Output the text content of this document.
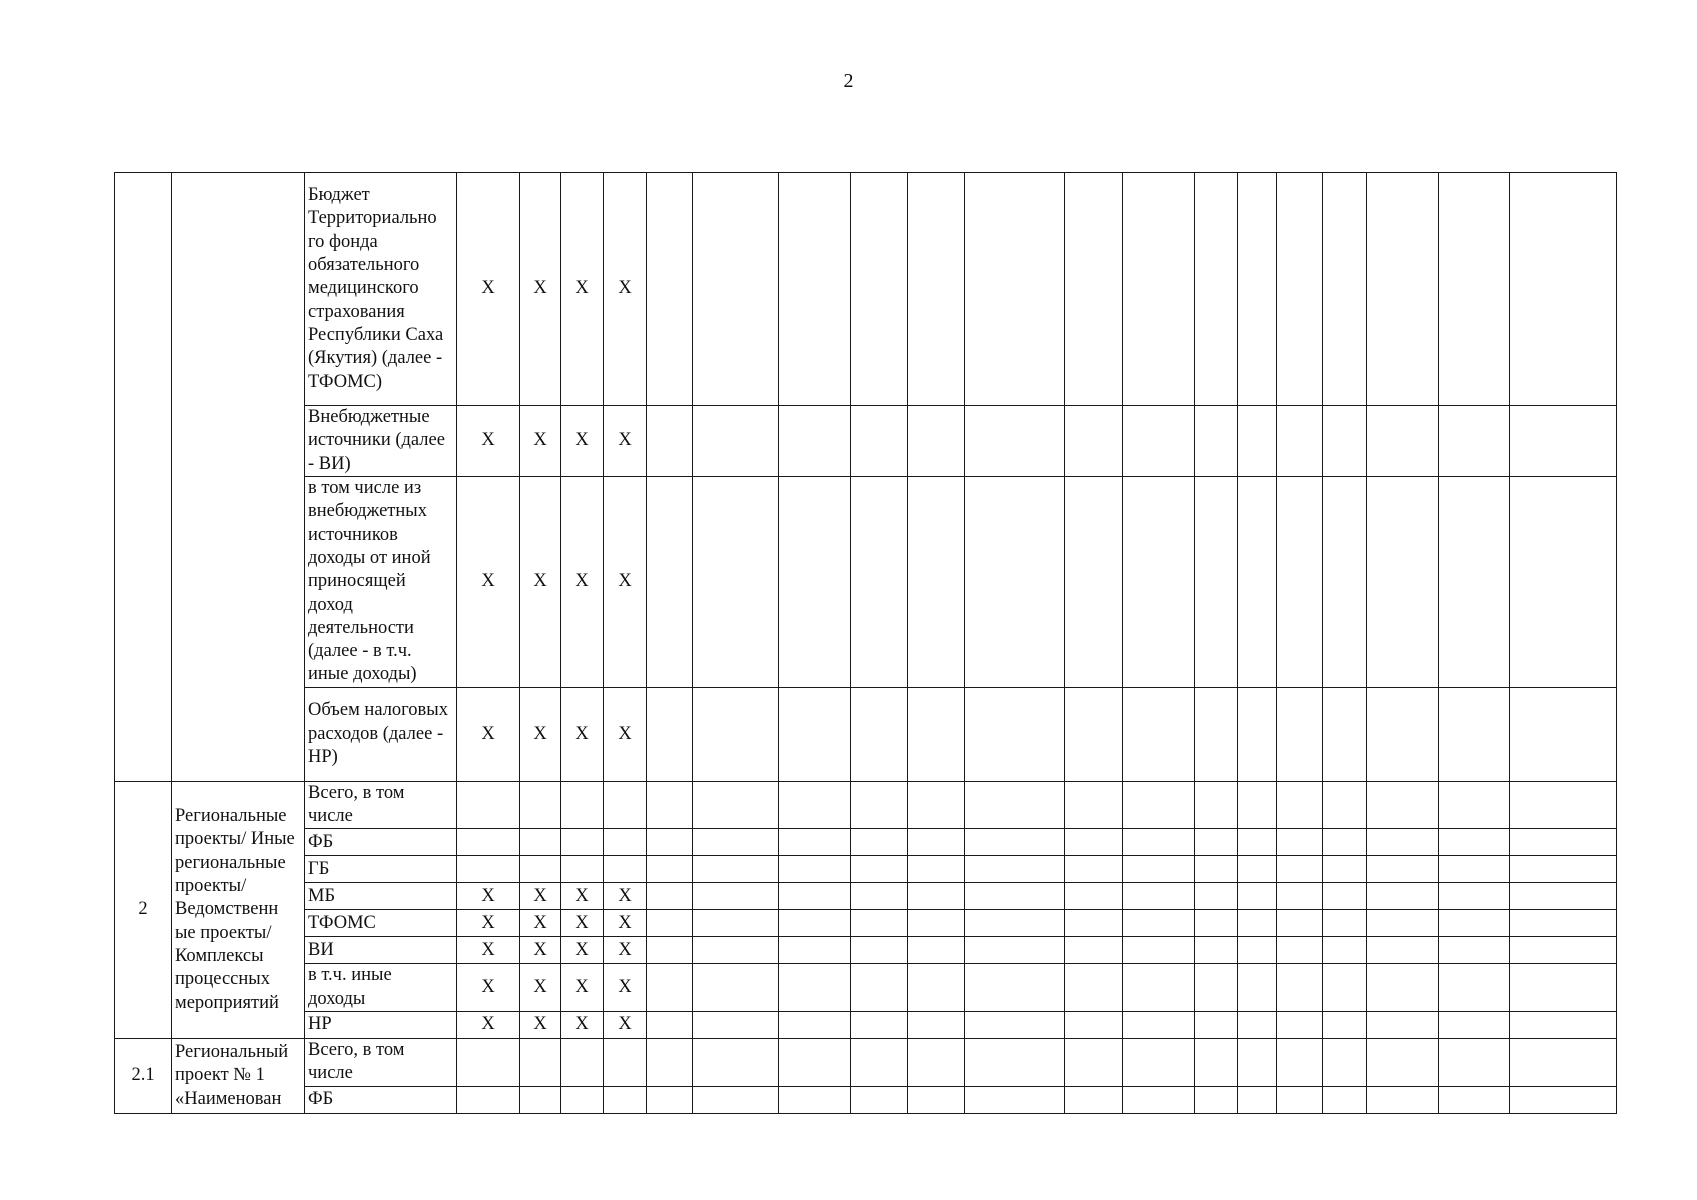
2
		Бюджет Территориально го фонда обязательного медицинского страхования Республики Саха (Якутия) (далее - ТФОМС)	X	X	X	X															
		Внебюджетные источники (далее - ВИ)	X	X	X	X															
		в том числе из внебюджетных источников доходы от иной приносящей доход деятельности (далее - в т.ч. иные доходы)	X	X	X	X															
		Объем налоговых расходов (далее - НР)	X	X	X	X															
2	Региональные проекты/ Иные региональные проекты/ Ведомственн ые проекты/ Комплексы процессных мероприятий	Всего, в том числе																			
		ФБ																			
		ГБ																			
		МБ	X	X	X	X															
		ТФОМС	X	X	X	X															
		ВИ	X	X	X	X															
		в т.ч. иные доходы	X	X	X	X															
		НР	X	X	X	X															
2.1	Региональный проект № 1 «Наименован	Всего, в том числе																			
		ФБ																			
